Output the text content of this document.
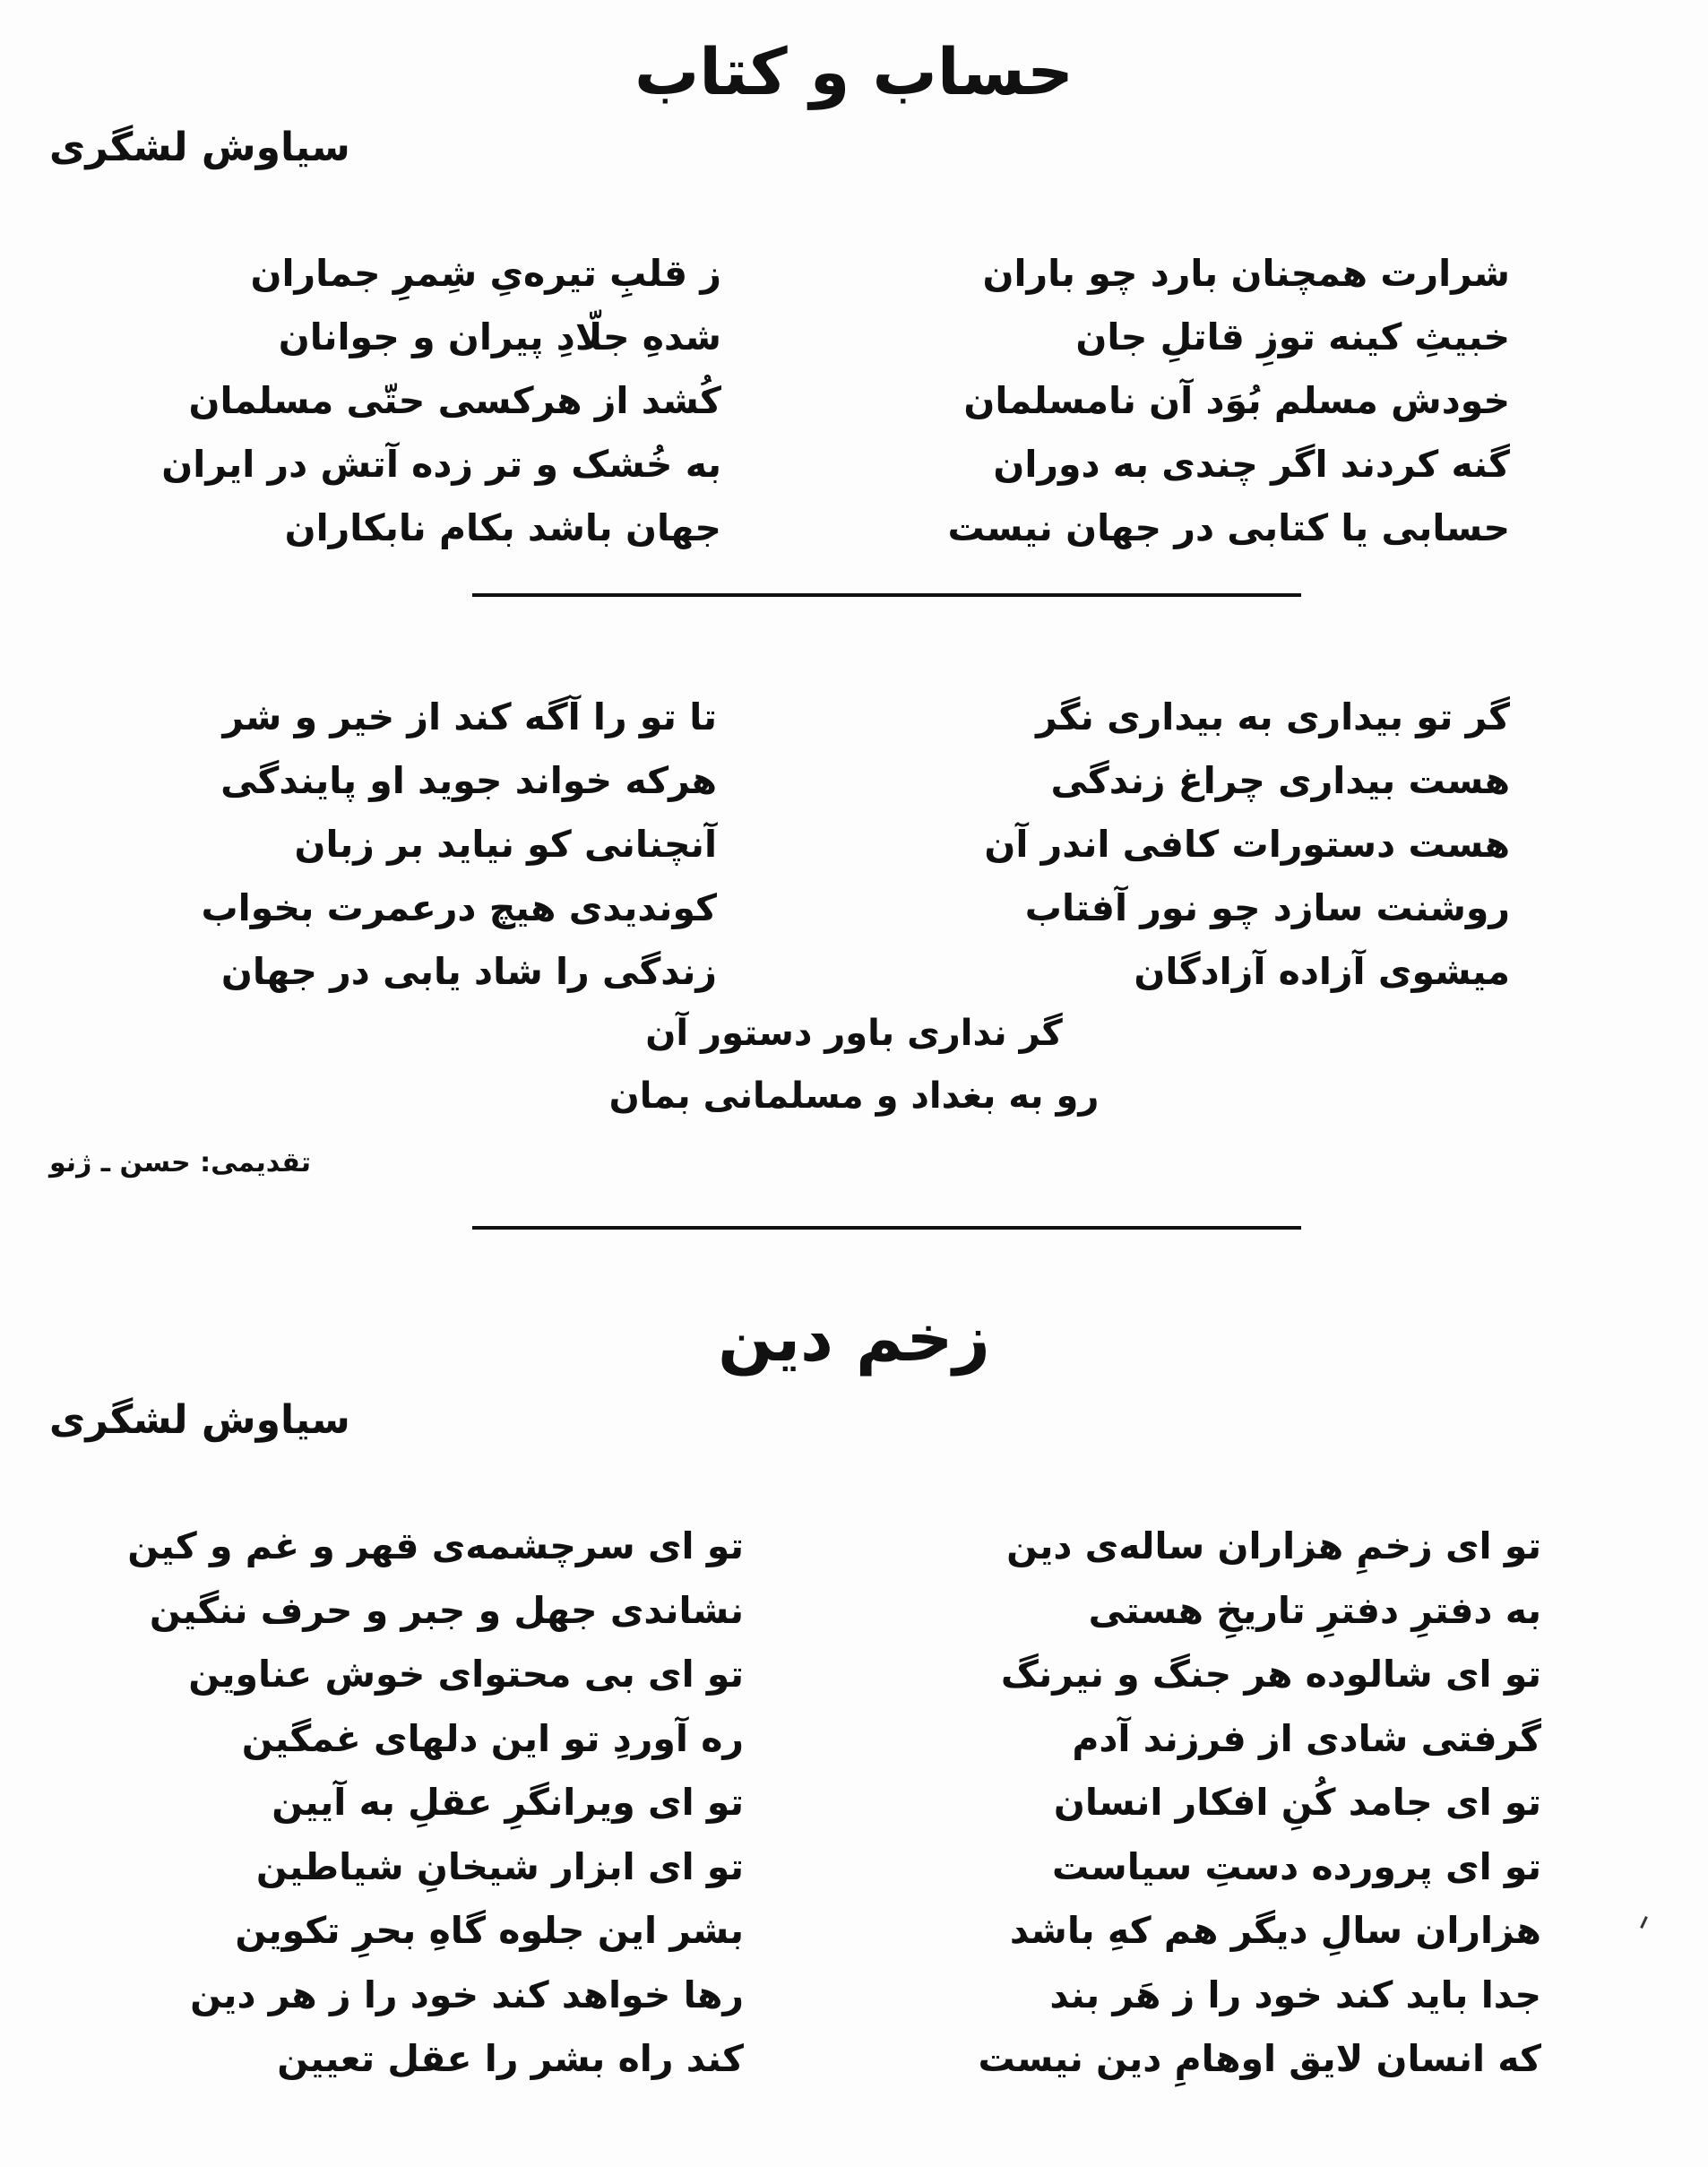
حساب و کتاب
سیاوش لشگری
شرارت همچنان بارد چو باران
خبیثِ کینه توزِ قاتلِ جان
خودش مسلم بُوَد آن نامسلمان
گنه کردند اگر چندی به دوران
حسابی یا کتابی در جهان نیست
ز قلبِ تیره‌یِ شِمرِ جماران
شدهِ جلّادِ پیران و جوانان
کُشد از هرکسی حتّی مسلمان
به خُشک و تر زده آتش در ایران
جهان باشد بکام نابکاران
گر تو بیداری به بیداری نگر
هست بیداری چراغ زندگی
هست دستورات کافی اندر آن
روشنت سازد چو نور آفتاب
میشوی آزاده آزادگان
تا تو را آگه کند از خیر و شر
هرکه خواند جوید او پایندگی
آنچنانی کو نیاید بر زبان
کوندیدی هیچ درعمرت بخواب
زندگی را شاد یابی در جهان
گر نداری باور دستور آن
رو به بغداد و مسلمانی بمان
تقدیمی: حسن ـ ژنو
زخم دین
سیاوش لشگری
تو ای زخمِ هزاران ساله‌ی دین
به دفترِ دفترِ تاریخِ هستی
تو ای شالوده هر جنگ و نیرنگ
گرفتی شادی از فرزند آدم
تو ای جامد کُنِ افکار انسان
تو ای پرورده دستِ سیاست
هزاران سالِ دیگر هم کهِ باشد
جدا باید کند خود را ز هَر بند
که انسان لایق اوهامِ دین نیست
تو ای سرچشمه‌ی قهر و غم و کین
نشاندی جهل و جبر و حرف ننگین
تو ای بی محتوای خوش عناوین
ره آوردِ تو این دلهای غمگین
تو ای ویرانگرِ عقلِ به آیین
تو ای ابزار شیخانِ شیاطین
بشر این جلوه گاهِ بحرِ تکوین
رها خواهد کند خود را ز هر دین
کند راه بشر را عقل تعیین
